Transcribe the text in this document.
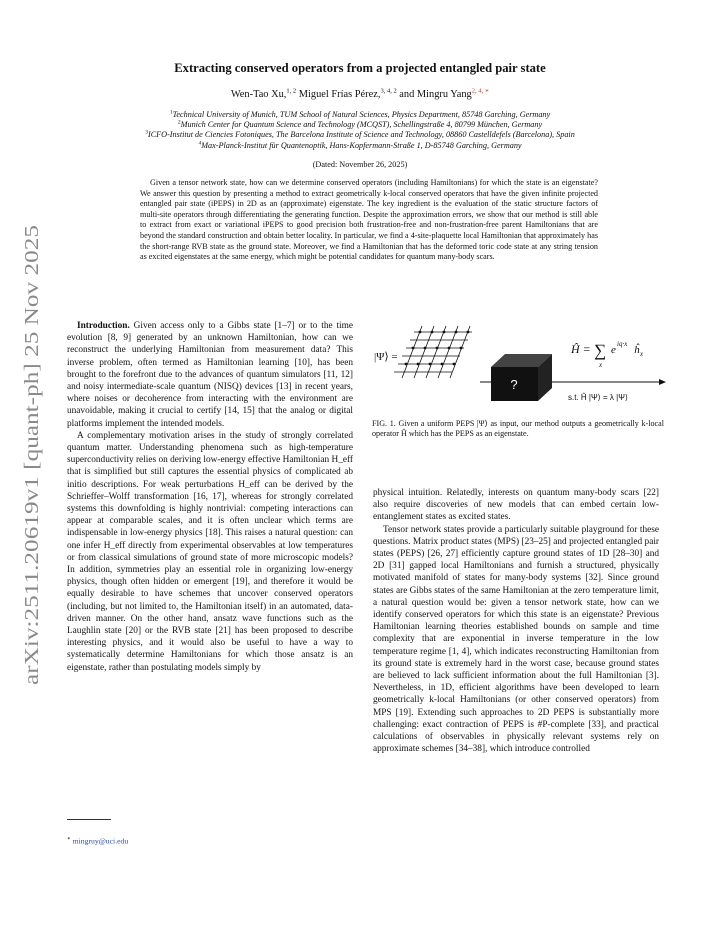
arXiv:2511.20619v1 [quant-ph] 25 Nov 2025
Extracting conserved operators from a projected entangled pair state
Wen-Tao Xu,$^{1, 2}$ Miguel Frías Pérez,$^{3, 4, 2}$ and Mingru Yang$^{2, 4, ∗}$
$^1$Technical University of Munich, TUM School of Natural Sciences, Physics Department, 85748 Garching, Germany
$^2$Munich Center for Quantum Science and Technology (MCQST), Schellingstraße 4, 80799 München, Germany
$^3$ICFO-Institut de Ciencies Fotoniques, The Barcelona Institute of Science and Technology, 08860 Castelldefels (Barcelona), Spain
$^4$Max-Planck-Institut für Quantenoptik, Hans-Kopfermann-Straße 1, D-85748 Garching, Germany
(Dated: November 26, 2025)

Given a tensor network state, how can we determine conserved operators (including Hamiltonians) for which the state is an eigenstate? We answer this question by presenting a method to extract geometrically k-local conserved operators that have the given infinite projected entangled pair state (iPEPS) in 2D as an (approximate) eigenstate. The key ingredient is the evaluation of the static structure factors of multi-site operators through differentiating the generating function. Despite the approximation errors, we show that our method is still able to extract from exact or variational iPEPS to good precision both frustration-free and non-frustration-free parent Hamiltonians that are beyond the standard construction and obtain better locality. In particular, we find a 4-site-plaquette local Hamiltonian that approximately has the short-range RVB state as the ground state. Moreover, we find a Hamiltonian that has the deformed toric code state at any string tension as excited eigenstates at the same energy, which might be potential candidates for quantum many-body scars.

Introduction. Given access only to a Gibbs state [1–7] or to the time evolution [8, 9] generated by an unknown Hamiltonian, how can we reconstruct the underlying Hamiltonian from measurement data? This inverse problem, often termed as Hamiltonian learning [10], has been brought to the forefront due to the advances of quantum simulators [11, 12] and noisy intermediate-scale quantum (NISQ) devices [13] in recent years, where noises or decoherence from interacting with the environment are unavoidable, making it crucial to certify [14, 15] that the analog or digital platforms implement the intended models.

A complementary motivation arises in the study of strongly correlated quantum matter. Understanding phenomena such as high-temperature superconductivity relies on deriving low-energy effective Hamiltonian H_eff that is simplified but still captures the essential physics of complicated ab initio descriptions. For weak perturbations H_eff can be derived by the Schrieffer–Wolff transformation [16, 17], whereas for strongly correlated systems this downfolding is highly nontrivial: competing interactions can appear at comparable scales, and it is often unclear which terms are indispensable in low-energy physics [18]. This raises a natural question: can one infer H_eff directly from experimental observables at low temperatures or from classical simulations of ground state of more microscopic models? In addition, symmetries play an essential role in organizing low-energy physics, though often hidden or emergent [19], and therefore it would be equally desirable to have schemes that uncover conserved operators (including, but not limited to, the Hamiltonian itself) in an automated, data-driven manner. On the other hand, ansatz wave functions such as the Laughlin state [20] or the RVB state [21] has been proposed to describe interesting physics, and it would also be useful to have a way to systematically determine Hamiltonians for which those ansatz is an eigenstate, rather than postulating models simply by

|Ψ⟩ =
?
Ĥ = ∑
x
e iq·x ĥ x
s.t. Ĥ |Ψ⟩ = λ |Ψ⟩

FIG. 1. Given a uniform PEPS |Ψ⟩ as input, our method outputs a geometrically k-local operator Ĥ which has the PEPS as an eigenstate.

physical intuition. Relatedly, interests on quantum many-body scars [22] also require discoveries of new models that can embed certain low-entanglement states as excited states.

Tensor network states provide a particularly suitable playground for these questions. Matrix product states (MPS) [23–25] and projected entangled pair states (PEPS) [26, 27] efficiently capture ground states of 1D [28–30] and 2D [31] gapped local Hamiltonians and furnish a structured, physically motivated manifold of states for many-body systems [32]. Since ground states are Gibbs states of the same Hamiltonian at the zero temperature limit, a natural question would be: given a tensor network state, how can we identify conserved operators for which this state is an eigenstate? Previous Hamiltonian learning theories established bounds on sample and time complexity that are exponential in inverse temperature in the low temperature regime [1, 4], which indicates reconstructing Hamiltonian from its ground state is extremely hard in the worst case, because ground states are believed to lack sufficient information about the full Hamiltonian [3]. Nevertheless, in 1D, efficient algorithms have been developed to learn geometrically k-local Hamiltonians (or other conserved operators) from MPS [19]. Extending such approaches to 2D PEPS is substantially more challenging: exact contraction of PEPS is #P-complete [33], and practical calculations of observables in physically relevant systems rely on approximate schemes [34–38], which introduce controlled

∗ mingruy@uci.edu
